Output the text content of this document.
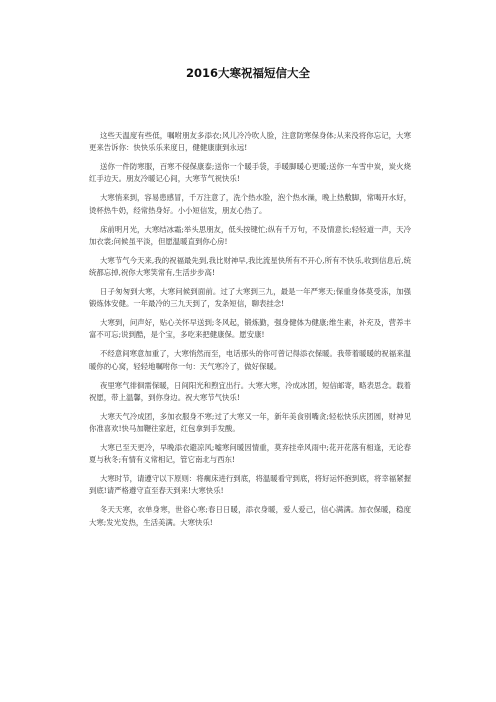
2016大寒祝福短信大全

这些天温度有些低，嘱咐朋友多添衣;风儿冷冷吹人脸，注意防寒保身体;从来没将你忘记，大寒更来告诉你：快快乐乐来度日，健健康康到永远!

送你一件防寒服，百寒不侵保康泰;送你一个暖手袋，手暖脚暖心更暖;送你一车雪中炭，炭火烧红手边天。朋友冷暖记心间，大寒节气祝快乐!

大寒悄来到，容易患感冒，千万注意了，洗个热水脸，泡个热水澡，晚上热敷脚，常喝开水好，烫杯热牛奶，经常热身好。小小短信发，朋友心热了。

床前明月光，大寒结冰霜;举头思朋友，低头按键忙;纵有千万句，不及情意长;轻轻道一声，天冷加衣裳;问候虽平淡，但愿温暖直到你心房!

大寒节气今天来,我的祝福最先到,我比财神早,我比流星快所有不开心,所有不快乐,收到信息后,统统都忘掉,祝你大寒笑常有,生活步步高!

日子匆匆到大寒，大寒问候到面前。过了大寒到三九，最是一年严寒天;保重身体莫受冻，加强锻炼体安健。一年最冷的三九天到了，发条短信，聊表挂念!

大寒到，问声好，贴心关怀早送到;冬风起，锻炼勤，强身健体为健康;维生素，补充及，营养丰富不可忘;说到酷，是个宝，多吃来把健康保。愿安康!

不经意间寒意加重了，大寒悄然而至，电话那头的你可曾记得添衣保暖。我带着暖暖的祝福来温暖你的心窝，轻轻地嘱咐你一句：天气寒冷了，做好保暖。

夜里寒气徘徊需保暖，日间阳光和煦宜出行。大寒大寒，冷成冰团，短信邮寄，略表思念。载着祝愿，带上温馨，到你身边。祝大寒节气快乐!

大寒天气冷成团，多加衣服身不寒;过了大寒又一年，新年美食别嘴贪;轻松快乐庆团圆，财神见你准喜欢!快马加鞭往家赶，红包拿到手发酸。

大寒已至天更冷，早晚添衣避凉风;嘘寒问暖因情重，莫弃挂牵风雨中;花开花落有相逢，无论春夏与秋冬;有情有义常相记，管它南北与西东!

大寒时节，请遵守以下原则：将瘸床进行到底，将温暖看守到底，将好运怀抱到底，将幸福紧握到底!请严格遵守直至春天到来!大寒快乐!

冬天天寒，衣单身寒，世俗心寒;春日日暖，添衣身暖，爱人爱己，信心满满。加衣保暖，稳度大寒;发光发热，生活美满。大寒快乐!
